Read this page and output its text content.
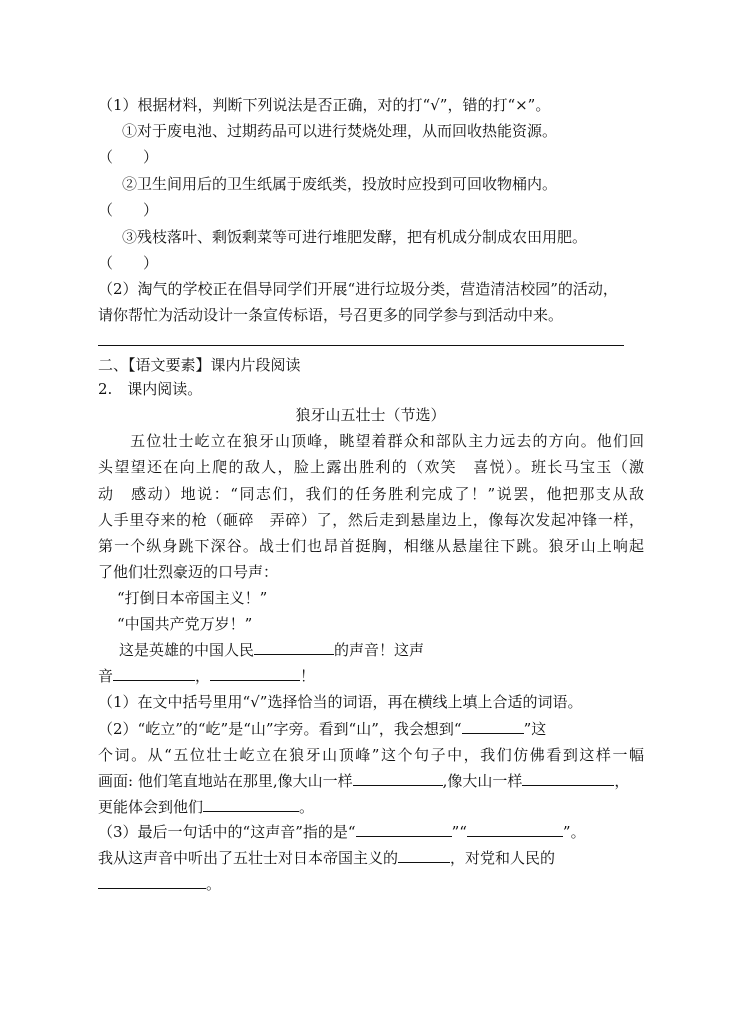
（1）根据材料，判断下列说法是否正确，对的打“√”，错的打“×”。
①对于废电池、过期药品可以进行焚烧处理，从而回收热能资源。
（　　）
②卫生间用后的卫生纸属于废纸类，投放时应投到可回收物桶内。
（　　）
③残枝落叶、剩饭剩菜等可进行堆肥发酵，把有机成分制成农田用肥。
（　　）
（2）淘气的学校正在倡导同学们开展“进行垃圾分类，营造清洁校园”的活动，
请你帮忙为活动设计一条宣传标语，号召更多的同学参与到活动中来。
二、【语文要素】课内片段阅读
2.　课内阅读。
狼牙山五壮士（节选）
　　五位壮士屹立在狼牙山顶峰，眺望着群众和部队主力远去的方向。他们回
头望望还在向上爬的敌人，脸上露出胜利的（欢笑　喜悦）。班长马宝玉（激
动　感动）地说：“同志们，我们的任务胜利完成了！”说罢，他把那支从敌
人手里夺来的枪（砸碎　弄碎）了，然后走到悬崖边上，像每次发起冲锋一样，
第一个纵身跳下深谷。战士们也昂首挺胸，相继从悬崖往下跳。狼牙山上响起
了他们壮烈豪迈的口号声：
“打倒日本帝国主义！”
“中国共产党万岁！”
这是英雄的中国人民	的声音！这声
音	，	！
（1）在文中括号里用“√”选择恰当的词语，再在横线上填上合适的词语。
（2）“屹立”的“屹”是“山”字旁。看到“山”，我会想到“	”这
个词。从“五位壮士屹立在狼牙山顶峰”这个句子中，我们仿佛看到这样一幅
画面: 他们笔直地站在那里,像大山一样	,像大山一样	，
更能体会到他们	。
（3）最后一句话中的“这声音”指的是“	”“	”。
我从这声音中听出了五壮士对日本帝国主义的	，对党和人民的
。
